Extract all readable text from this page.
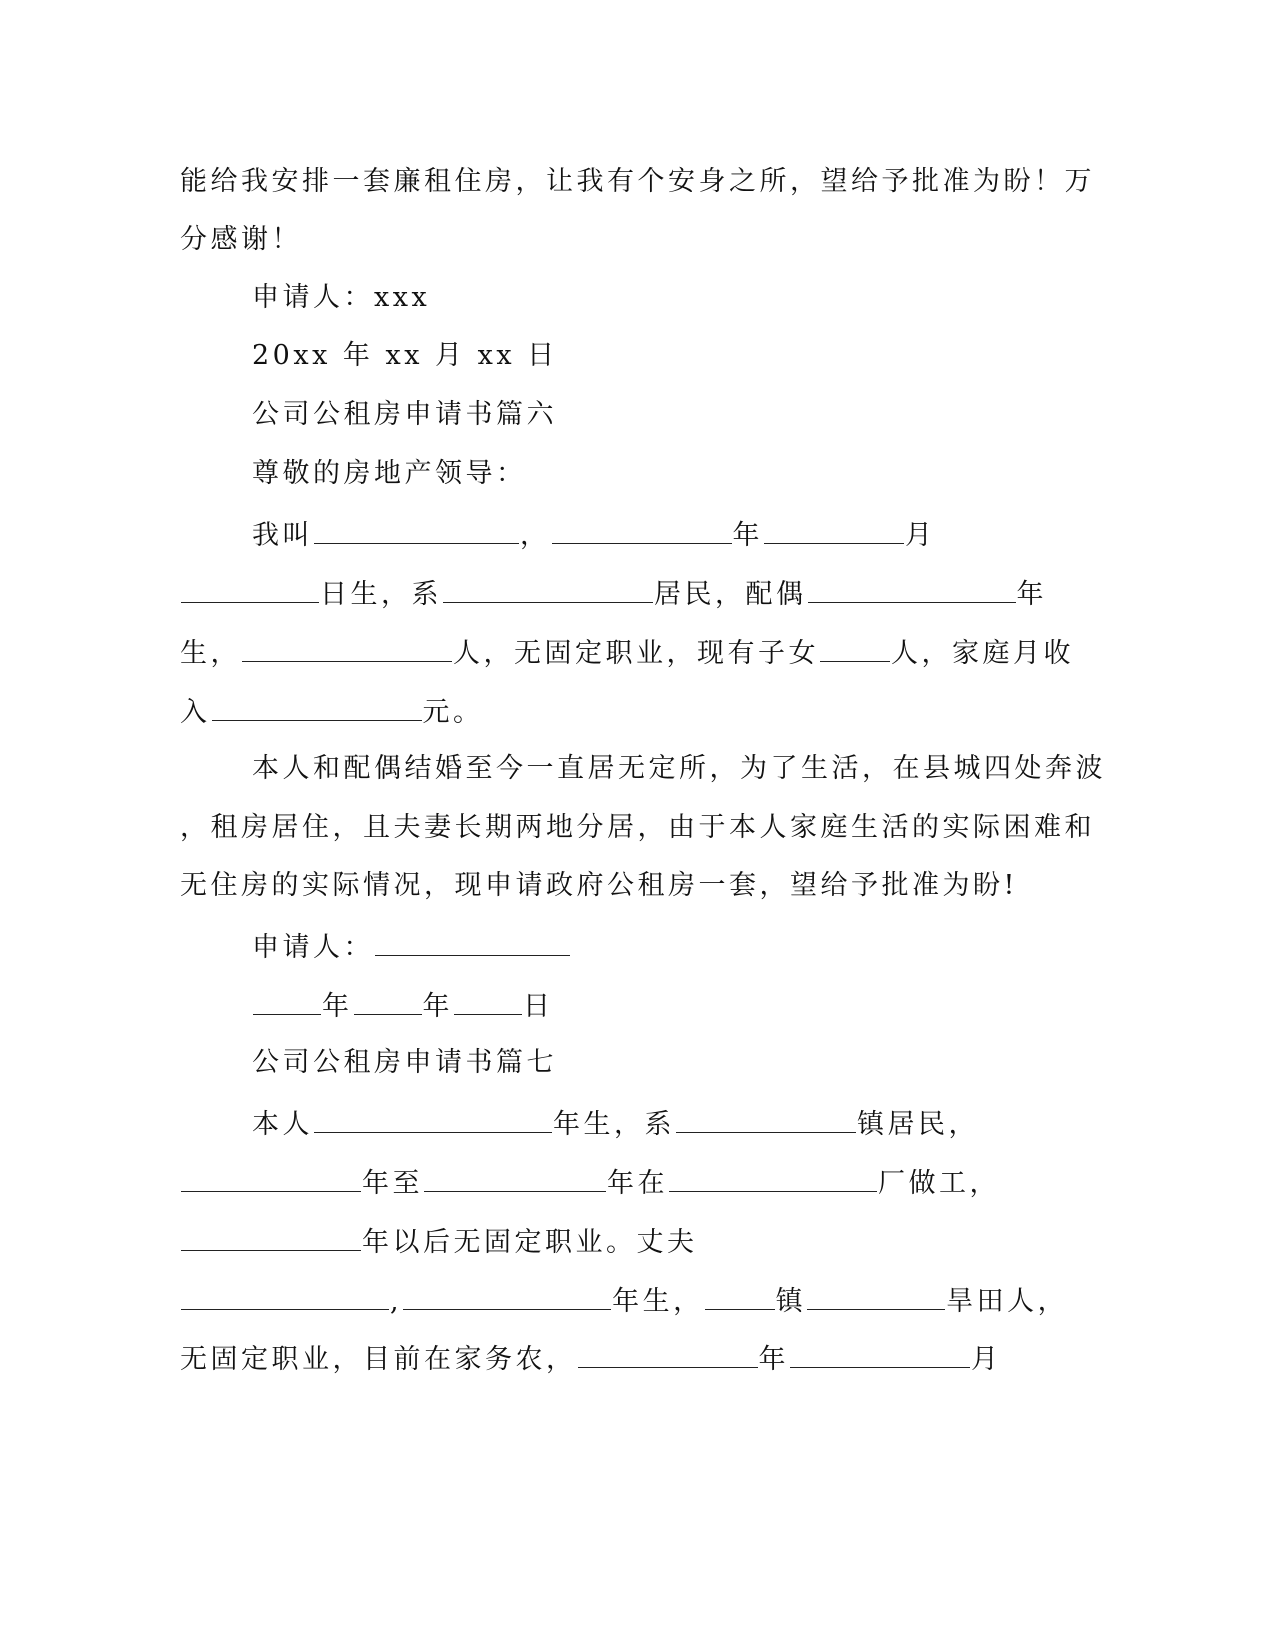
能给我安排一套廉租住房，让我有个安身之所，望给予批准为盼！万
分感谢！
申请人：xxx
20xx 年 xx 月 xx 日
公司公租房申请书篇六
尊敬的房地产领导：
我叫	，	年	月
日生，系	居民，配偶	年
生，	人，无固定职业，现有子女	人，家庭月收
入	元。
本人和配偶结婚至今一直居无定所，为了生活，在县城四处奔波
，租房居住，且夫妻长期两地分居，由于本人家庭生活的实际困难和
无住房的实际情况，现申请政府公租房一套，望给予批准为盼!
申请人：
年	年	日
公司公租房申请书篇七
本人	年生，系	镇居民，
年至	年在	厂做工，
年以后无固定职业。丈夫
,	年生，	镇	旱田人，
无固定职业，目前在家务农，	年	月
